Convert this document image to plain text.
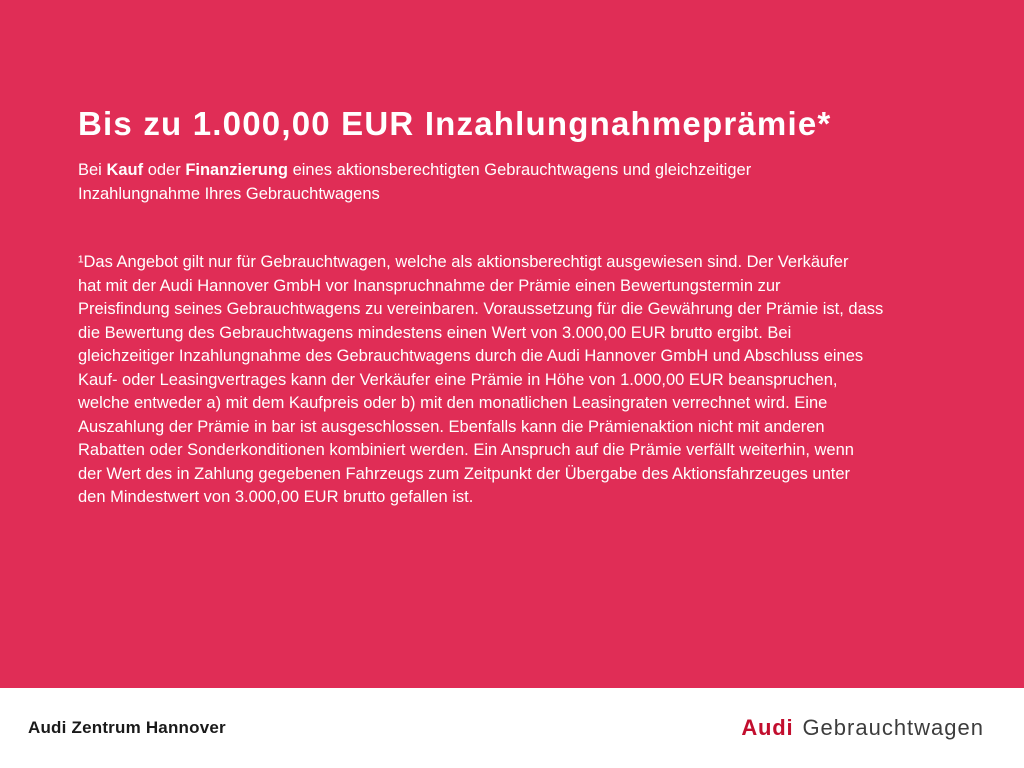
Bis zu 1.000,00 EUR Inzahlungnahmeprämie*

Bei Kauf oder Finanzierung eines aktionsberechtigten Gebrauchtwagens und gleichzeitiger
Inzahlungnahme Ihres Gebrauchtwagens

¹Das Angebot gilt nur für Gebrauchtwagen, welche als aktionsberechtigt ausgewiesen sind. Der Verkäufer
hat mit der Audi Hannover GmbH vor Inanspruchnahme der Prämie einen Bewertungstermin zur
Preisfindung seines Gebrauchtwagens zu vereinbaren. Voraussetzung für die Gewährung der Prämie ist, dass
die Bewertung des Gebrauchtwagens mindestens einen Wert von 3.000,00 EUR brutto ergibt. Bei
gleichzeitiger Inzahlungnahme des Gebrauchtwagens durch die Audi Hannover GmbH und Abschluss eines
Kauf- oder Leasingvertrages kann der Verkäufer eine Prämie in Höhe von 1.000,00 EUR beanspruchen,
welche entweder a) mit dem Kaufpreis oder b) mit den monatlichen Leasingraten verrechnet wird. Eine
Auszahlung der Prämie in bar ist ausgeschlossen. Ebenfalls kann die Prämienaktion nicht mit anderen
Rabatten oder Sonderkonditionen kombiniert werden. Ein Anspruch auf die Prämie verfällt weiterhin, wenn
der Wert des in Zahlung gegebenen Fahrzeugs zum Zeitpunkt der Übergabe des Aktionsfahrzeuges unter
den Mindestwert von 3.000,00 EUR brutto gefallen ist.
Audi Zentrum Hannover	Audi Gebrauchtwagen
